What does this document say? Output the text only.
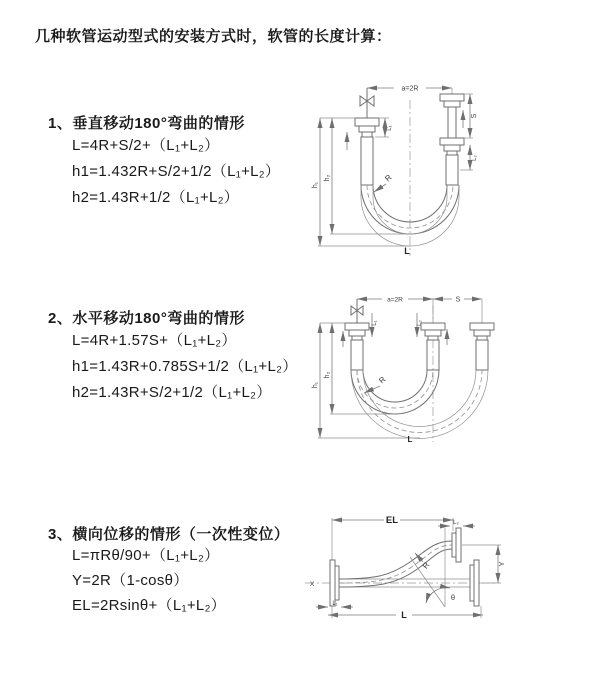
几种软管运动型式的安装方式时，软管的长度计算：
1、垂直移动180°弯曲的情形
L=4R+S/2+（L₁+L₂）
h1=1.432R+S/2+1/2（L₁+L₂）
h2=1.43R+1/2（L₁+L₂）
a=2R
h₁
h₂
L₁
S
L₂
R
L
2、水平移动180°弯曲的情形
L=4R+1.57S+（L₁+L₂）
h1=1.43R+0.785S+1/2（L₁+L₂）
h2=1.43R+S/2+1/2（L₁+L₂）
a=2R	S
h₁
h₂
L₁	L₂
R
L
3、横向位移的情形（一次性变位）
L=πRθ/90+（L₁+L₂）
Y=2R（1-cosθ）
EL=2Rsinθ+（L₁+L₂）
X
EL	L₂
θ
R	Y
L₁
L
